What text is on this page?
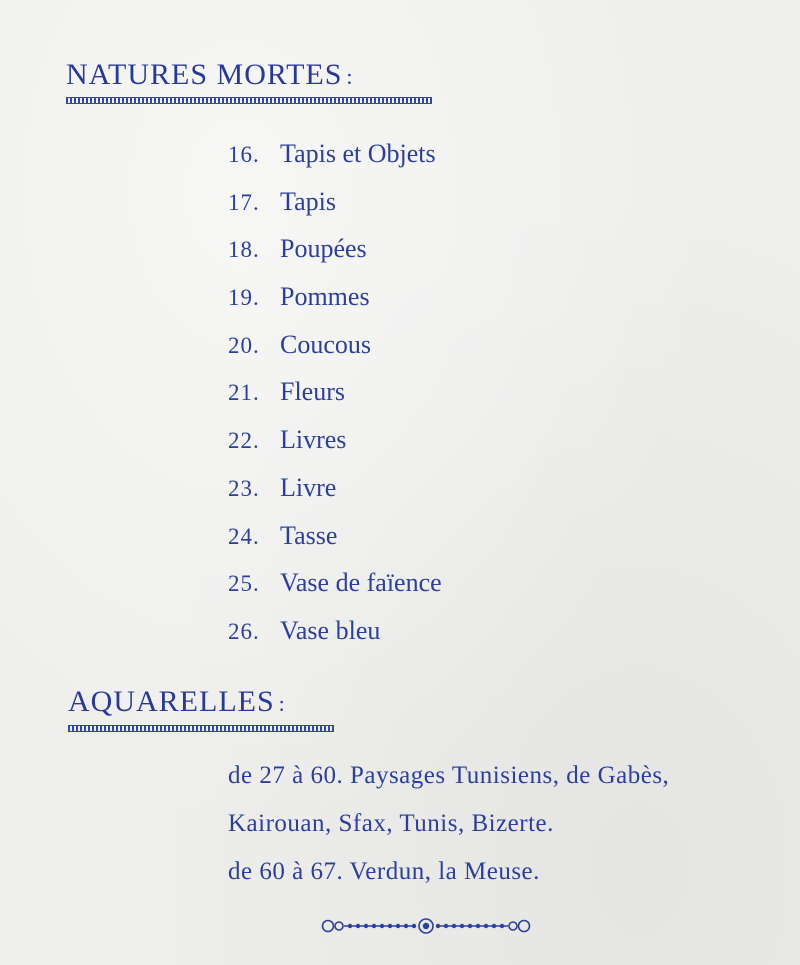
NATURES MORTES :
16. Tapis et Objets
17. Tapis
18. Poupées
19. Pommes
20. Coucous
21. Fleurs
22. Livres
23. Livre
24. Tasse
25. Vase de faïence
26. Vase bleu
AQUARELLES :
de 27 à 60. Paysages Tunisiens, de Gabès,
Kairouan, Sfax, Tunis, Bizerte.
de 60 à 67. Verdun, la Meuse.
